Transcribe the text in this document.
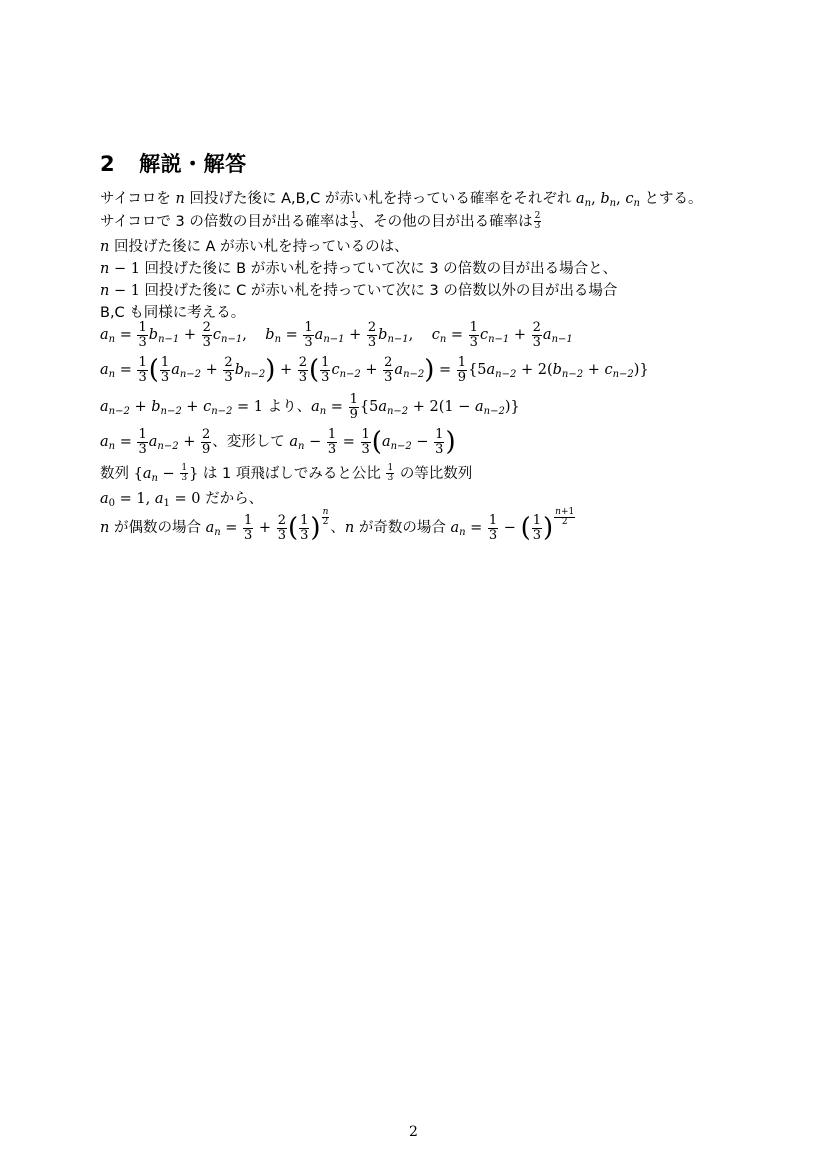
2 解説・解答
サイコロを n 回投げた後に A,B,C が赤い札を持っている確率をそれぞれ $a_n$, $b_n$, $c_n$ とする。
サイコロで 3 の倍数の目が出る確率は $\frac{1}{3}$ 、その他の目が出る確率は $\frac{2}{3}$
n 回投げた後に A が赤い札を持っているのは、
n − 1 回投げた後に B が赤い札を持っていて次に 3 の倍数の目が出る場合と、
n − 1 回投げた後に C が赤い札を持っていて次に 3 の倍数以外の目が出る場合
B,C も同様に考える。
$a_n = \frac{1}{3} b_{n-1} + \frac{2}{3} c_{n-1}$,    $b_n = \frac{1}{3} a_{n-1} + \frac{2}{3} b_{n-1}$,    $c_n = \frac{1}{3} c_{n-1} + \frac{2}{3} a_{n-1}$
$a_n = \frac{1}{3}$ ( $\frac{1}{3} a_{n-2} + \frac{2}{3} b_{n-2}) + \frac{2}{3}$ ( $\frac{1}{3} c_{n-2} + \frac{2}{3} a_{n-2}) = \frac{1}{9} \{5a_{n-2} + 2(b_{n-2} + c_{n-2})\}$
$a_{n-2} + b_{n-2} + c_{n-2} = 1$ より、$a_n = \frac{1}{9} \{5a_{n-2} + 2(1 - a_{n-2})\}$
$a_n = \frac{1}{3} a_{n-2} + \frac{2}{9}$ 、変形して $a_n - \frac{1}{3} = \frac{1}{3} (a_{n-2} - \frac{1}{3}$ )
数列 {$a_n - \frac{1}{3}$ } は 1 項飛ばしでみると公比 $\frac{1}{3}$ の等比数列
$a_0 = 1$, $a_1 = 0$ だから、
n が偶数の場合 $a_n = \frac{1}{3} + \frac{2}{3}$ ( $\frac{1}{3}$ ) $\frac{n}{2}$
、n が奇数の場合 $a_n = \frac{1}{3}$ − ( $\frac{1}{3}$ ) $\frac{n+1}{2}$
2
